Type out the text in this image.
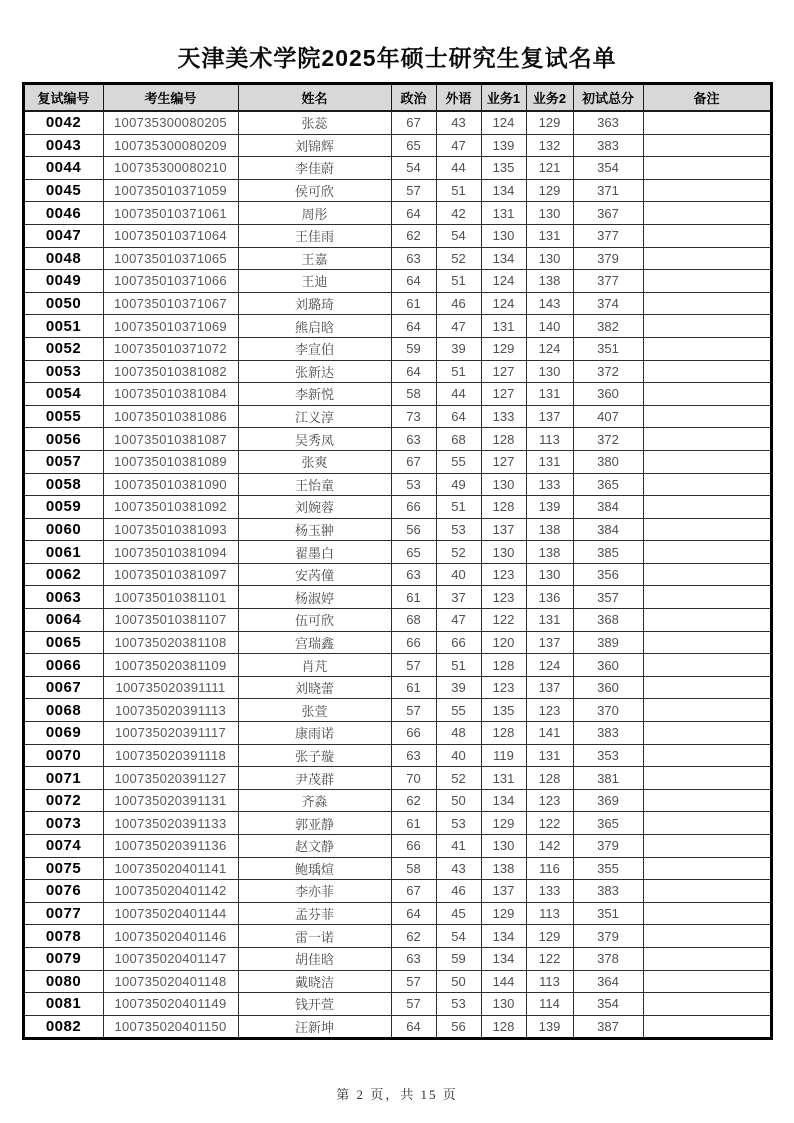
天津美术学院2025年硕士研究生复试名单
复试编号	考生编号	姓名	政治	外语	业务1	业务2	初试总分	备注
0042	100735300080205	张蕊	67	43	124	129	363	
0043	100735300080209	刘锦辉	65	47	139	132	383	
0044	100735300080210	李佳蔚	54	44	135	121	354	
0045	100735010371059	侯可欣	57	51	134	129	371	
0046	100735010371061	周彤	64	42	131	130	367	
0047	100735010371064	王佳雨	62	54	130	131	377	
0048	100735010371065	王嘉	63	52	134	130	379	
0049	100735010371066	王迪	64	51	124	138	377	
0050	100735010371067	刘璐琦	61	46	124	143	374	
0051	100735010371069	熊启晗	64	47	131	140	382	
0052	100735010371072	李宣伯	59	39	129	124	351	
0053	100735010381082	张新达	64	51	127	130	372	
0054	100735010381084	李新悦	58	44	127	131	360	
0055	100735010381086	江义淳	73	64	133	137	407	
0056	100735010381087	吴秀凤	63	68	128	113	372	
0057	100735010381089	张爽	67	55	127	131	380	
0058	100735010381090	王怡童	53	49	130	133	365	
0059	100735010381092	刘婉蓉	66	51	128	139	384	
0060	100735010381093	杨玉翀	56	53	137	138	384	
0061	100735010381094	翟墨白	65	52	130	138	385	
0062	100735010381097	安芮僮	63	40	123	130	356	
0063	100735010381101	杨淑婷	61	37	123	136	357	
0064	100735010381107	伍可欣	68	47	122	131	368	
0065	100735020381108	宫瑞鑫	66	66	120	137	389	
0066	100735020381109	肖芃	57	51	128	124	360	
0067	100735020391111	刘晓蕾	61	39	123	137	360	
0068	100735020391113	张萱	57	55	135	123	370	
0069	100735020391117	康雨诺	66	48	128	141	383	
0070	100735020391118	张子璇	63	40	119	131	353	
0071	100735020391127	尹茂群	70	52	131	128	381	
0072	100735020391131	齐淼	62	50	134	123	369	
0073	100735020391133	郭亚静	61	53	129	122	365	
0074	100735020391136	赵文静	66	41	130	142	379	
0075	100735020401141	鲍瑀煊	58	43	138	116	355	
0076	100735020401142	李亦菲	67	46	137	133	383	
0077	100735020401144	孟芬菲	64	45	129	113	351	
0078	100735020401146	雷一诺	62	54	134	129	379	
0079	100735020401147	胡佳晗	63	59	134	122	378	
0080	100735020401148	戴晓洁	57	50	144	113	364	
0081	100735020401149	钱开萱	57	53	130	114	354	
0082	100735020401150	汪新坤	64	56	128	139	387	
第 2 页，共 15 页
